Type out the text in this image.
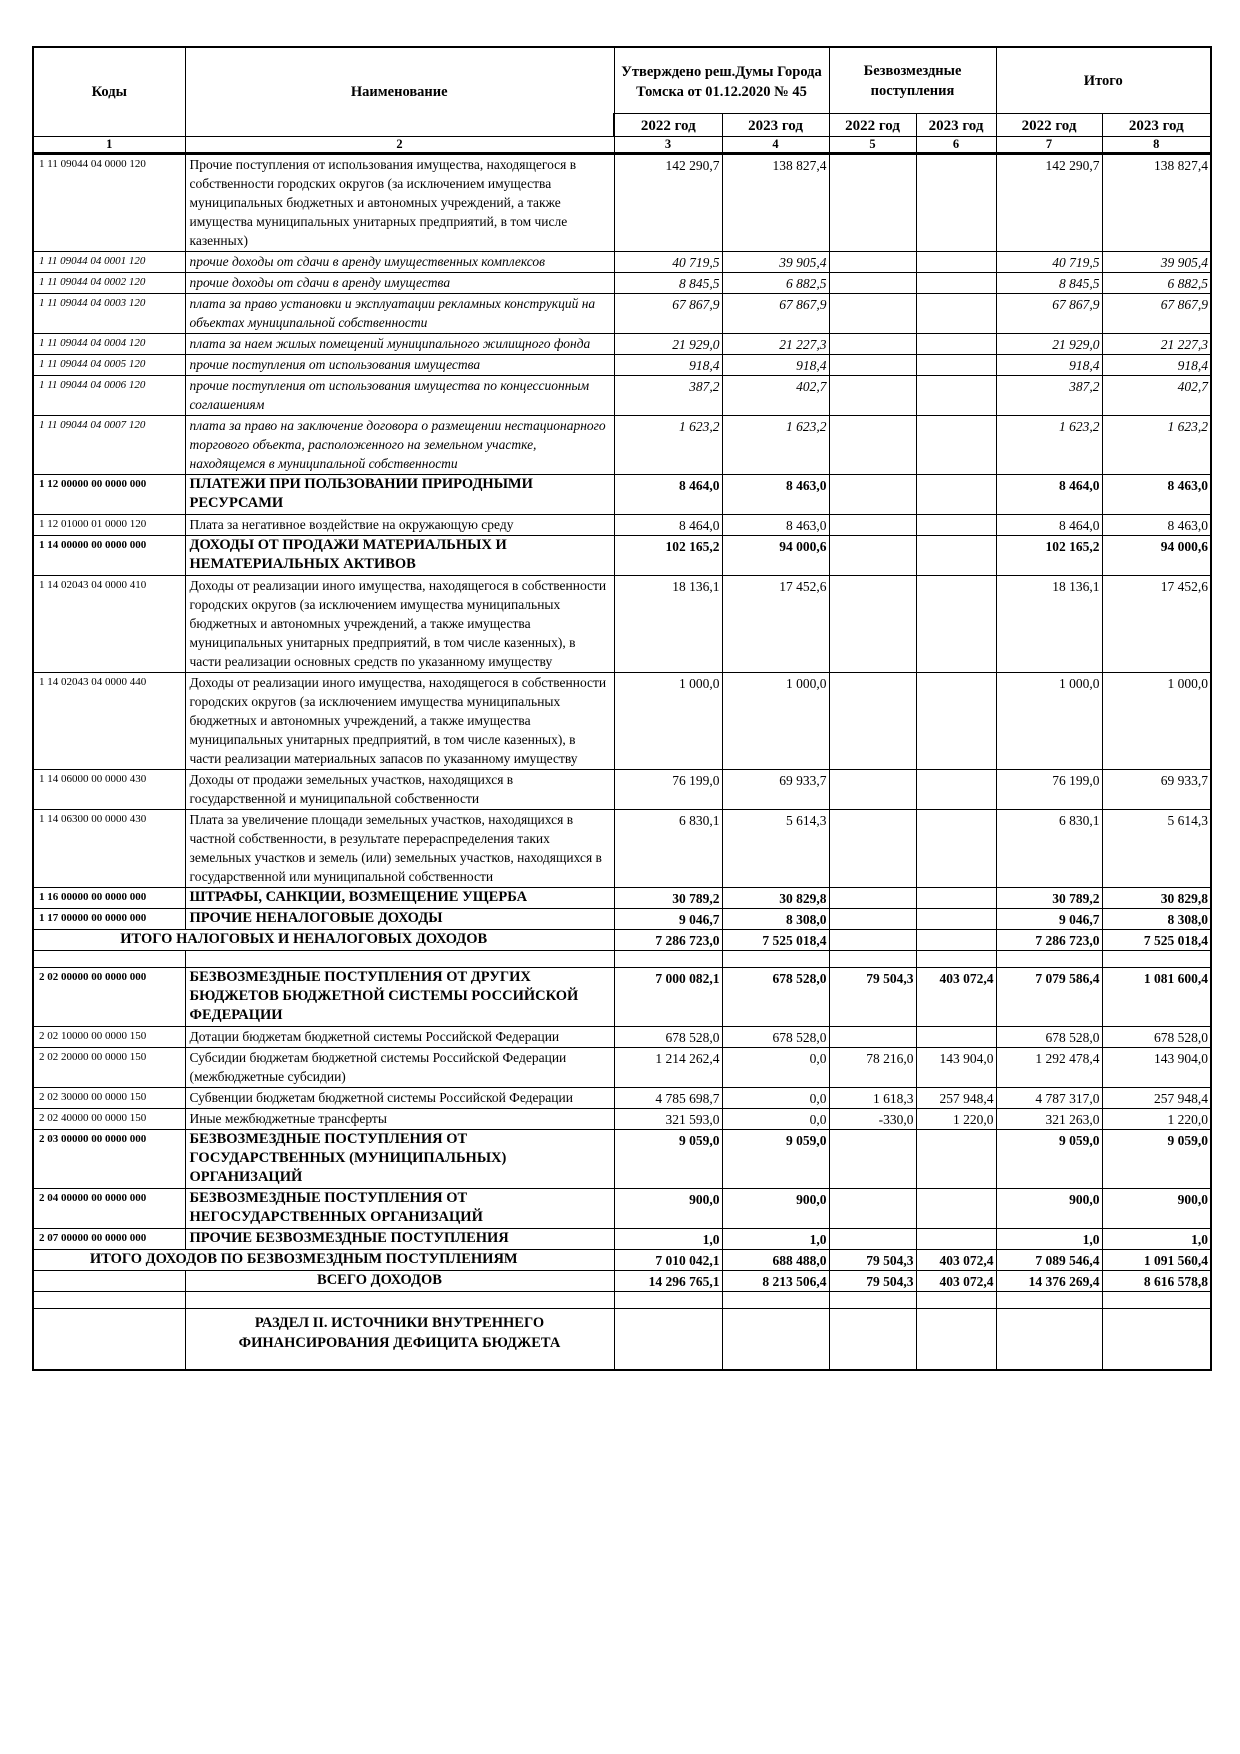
Коды	Наименование	Утверждено реш.Думы Города Томска от 01.12.2020 № 45		Безвозмездные поступления		Итого	
		2022 год	2023 год	2022 год	2023 год	2022 год	2023 год
1	2	3	4	5	6	7	8
1 11 09044 04 0000 120	Прочие поступления от использования имущества, находящегося в собственности городских округов (за исключением имущества муниципальных бюджетных и автономных учреждений, а также имущества муниципальных унитарных предприятий, в том числе казенных)	142 290,7	138 827,4			142 290,7	138 827,4
1 11 09044 04 0001 120	прочие доходы от сдачи в аренду имущественных комплексов	40 719,5	39 905,4			40 719,5	39 905,4
1 11 09044 04 0002 120	прочие доходы от сдачи в аренду имущества	8 845,5	6 882,5			8 845,5	6 882,5
1 11 09044 04 0003 120	плата за право установки и эксплуатации рекламных конструкций на объектах муниципальной собственности	67 867,9	67 867,9			67 867,9	67 867,9
1 11 09044 04 0004 120	плата за наем жилых помещений муниципального жилищного фонда	21 929,0	21 227,3			21 929,0	21 227,3
1 11 09044 04 0005 120	прочие поступления от использования имущества	918,4	918,4			918,4	918,4
1 11 09044 04 0006 120	прочие поступления от использования имущества по концессионным соглашениям	387,2	402,7			387,2	402,7
1 11 09044 04 0007 120	плата за право на заключение договора о размещении нестационарного торгового объекта, расположенного на земельном участке, находящемся в муниципальной собственности	1 623,2	1 623,2			1 623,2	1 623,2
1 12 00000 00 0000 000	ПЛАТЕЖИ ПРИ ПОЛЬЗОВАНИИ ПРИРОДНЫМИ РЕСУРСАМИ	8 464,0	8 463,0			8 464,0	8 463,0
1 12 01000 01 0000 120	Плата за негативное воздействие на окружающую среду	8 464,0	8 463,0			8 464,0	8 463,0
1 14 00000 00 0000 000	ДОХОДЫ ОТ ПРОДАЖИ МАТЕРИАЛЬНЫХ И НЕМАТЕРИАЛЬНЫХ АКТИВОВ	102 165,2	94 000,6			102 165,2	94 000,6
1 14 02043 04 0000 410	Доходы от реализации иного имущества, находящегося в собственности городских округов (за исключением имущества муниципальных бюджетных и автономных учреждений, а также имущества муниципальных унитарных предприятий, в том числе казенных), в части реализации основных средств по указанному имуществу	18 136,1	17 452,6			18 136,1	17 452,6
1 14 02043 04 0000 440	Доходы от реализации иного имущества, находящегося в собственности городских округов (за исключением имущества муниципальных бюджетных и автономных учреждений, а также имущества муниципальных унитарных предприятий, в том числе казенных), в части реализации материальных запасов по указанному имуществу	1 000,0	1 000,0			1 000,0	1 000,0
1 14 06000 00 0000 430	Доходы от продажи земельных участков, находящихся в государственной и муниципальной собственности	76 199,0	69 933,7			76 199,0	69 933,7
1 14 06300 00 0000 430	Плата за увеличение площади земельных участков, находящихся в частной собственности, в результате перераспределения таких земельных участков и земель (или) земельных участков, находящихся в государственной или муниципальной собственности	6 830,1	5 614,3			6 830,1	5 614,3
1 16 00000 00 0000 000	ШТРАФЫ, САНКЦИИ, ВОЗМЕЩЕНИЕ УЩЕРБА	30 789,2	30 829,8			30 789,2	30 829,8
1 17 00000 00 0000 000	ПРОЧИЕ НЕНАЛОГОВЫЕ ДОХОДЫ	9 046,7	8 308,0			9 046,7	8 308,0
ИТОГО НАЛОГОВЫХ И НЕНАЛОГОВЫХ ДОХОДОВ		7 286 723,0	7 525 018,4			7 286 723,0	7 525 018,4

2 02 00000 00 0000 000	БЕЗВОЗМЕЗДНЫЕ ПОСТУПЛЕНИЯ ОТ ДРУГИХ БЮДЖЕТОВ БЮДЖЕТНОЙ СИСТЕМЫ РОССИЙСКОЙ ФЕДЕРАЦИИ	7 000 082,1	678 528,0	79 504,3	403 072,4	7 079 586,4	1 081 600,4
2 02 10000 00 0000 150	Дотации бюджетам бюджетной системы Российской Федерации	678 528,0	678 528,0			678 528,0	678 528,0
2 02 20000 00 0000 150	Субсидии бюджетам бюджетной системы Российской Федерации (межбюджетные субсидии)	1 214 262,4	0,0	78 216,0	143 904,0	1 292 478,4	143 904,0
2 02 30000 00 0000 150	Субвенции бюджетам бюджетной системы Российской Федерации	4 785 698,7	0,0	1 618,3	257 948,4	4 787 317,0	257 948,4
2 02 40000 00 0000 150	Иные межбюджетные трансферты	321 593,0	0,0	-330,0	1 220,0	321 263,0	1 220,0
2 03 00000 00 0000 000	БЕЗВОЗМЕЗДНЫЕ ПОСТУПЛЕНИЯ ОТ ГОСУДАРСТВЕННЫХ (МУНИЦИПАЛЬНЫХ) ОРГАНИЗАЦИЙ	9 059,0	9 059,0			9 059,0	9 059,0
2 04 00000 00 0000 000	БЕЗВОЗМЕЗДНЫЕ ПОСТУПЛЕНИЯ ОТ НЕГОСУДАРСТВЕННЫХ ОРГАНИЗАЦИЙ	900,0	900,0			900,0	900,0
2 07 00000 00 0000 000	ПРОЧИЕ БЕЗВОЗМЕЗДНЫЕ ПОСТУПЛЕНИЯ	1,0	1,0			1,0	1,0
ИТОГО ДОХОДОВ ПО БЕЗВОЗМЕЗДНЫМ ПОСТУПЛЕНИЯМ		7 010 042,1	688 488,0	79 504,3	403 072,4	7 089 546,4	1 091 560,4
	ВСЕГО ДОХОДОВ	14 296 765,1	8 213 506,4	79 504,3	403 072,4	14 376 269,4	8 616 578,8

	РАЗДЕЛ II. ИСТОЧНИКИ ВНУТРЕННЕГО ФИНАНСИРОВАНИЯ ДЕФИЦИТА БЮДЖЕТА						
